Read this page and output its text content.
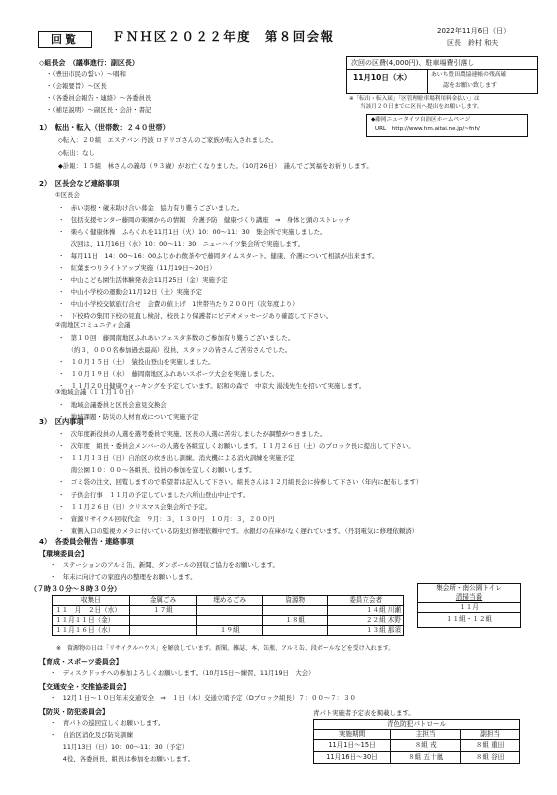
回覧	ＦＮＨ区２０２２年度　第８回会報	2022年11月6日（日）
区長　鈴村 和夫
次回の区費(4,000円)、駐車場費引落し
11月10日（木）	あいち豊田農協連帳の残高確
認をお願い致します
※「転出・転入届」「区管理駐車場利用料金払い」は
当該月２０日までに区長へ提出をお願いします。
◆藤岡ニュータイツ自治区ホームページ
URL　http://www.hm.aitai.ne.jp/~fnh/
◇組長会　（議事進行：副区長）
・（豊田市民の誓い）〜唱和
・（会報要旨）〜区長
・（各委員会報告・連絡）〜各委員長
・（補足説明）〜副区長・会計・書記
1）　転出・転入（世帯数：２４０世帯）
◇転入：２０組　エステバン 丹波 ロドリゴさんのご家族が転入されました。
◇転出：なし
◆訃報：１５組　林さんの義母（９３歳）がお亡くなりました。（10月26日）　謹んでご冥福をお祈りします。
2）　区長会など連絡事項
①区長会
・　赤い羽根・歳末助け合い募金　協力有り難うございました。
・　包括支援センター藤岡の楽園からの情報　介護予防　健康づくり講座　⇒　身体と頭のストレッチ
・　楽らく健康体操　ふらくれを11月1日（火）10：00〜11：30　集会所で実施しました。
　　次回は、11月16日（水）10：00〜11：30　ニューハイツ集会所で実施します。
・　毎月11日　14：00〜16：00ふじかわ飲茶やで藤岡タイムスタート。健康、介護について相談が出来ます。
・　紅葉まつりライトアップ実施（11月19日〜20日）
・　中山こども園生活体験発表会11月25日（金）実施予定
・　中山小学校の運動会11月12日（土）実施予定
・　中山小学校交歓旅行合せ　会費の値上げ　1世帯当たり２００円（次年度より）
・　下校時の集団下校の見直し検討、校長より保護者にビデオメッセージあり確認して下さい。
②南地区コミュニティ会議
・　第１０回　藤岡南地区ふれあいフェスタ多数のご参加有り難うございました。
　　（約３，０００名参加過去最高）役員、スタッフの皆さんご苦労さんでした。
・　１０月１５日（土）　猿投山登山を実施しました。
・　１０月１９日（水）　藤岡南地区ふれあいスポーツ大会を実施しました。
・　１１月２０日健康ウォーキングを予定しています。昭和の森で　中京大 湯浅先生を招いて実施します。
③地域会議（１１月１０日）
・　地域会議委員と区長会意見交換会
・　地域課題・防災の人材育成について実施予定
3）　区内事項
・　次年度新役員の人選を選考委員で実施、区長の人選に苦労しましたが調整がつきました。
・　次年度　組長・委員会メンバーの人選を各組宜しくお願いします。１１月２６日（土）のプロック長に提出して下さい。
・　１１月１３日（日）自治区の炊き出し訓練。消火機による消火訓練を実施予定
　　南公園１０：００〜各組長、役員の参加を宜しくお願いします。
・　ゴミ袋の注文、回覧しますので希望者は記入して下さい。組長さんは１２月組長会に持参して下さい（年内に配布します）
・　子供会行事　１１月の予定していました六所山登山中止です。
・　１１月２６日（日）クリスマス会集会所で予定。
・　資源リサイクル回収代金　９月：３，１３０円　１０月：３，２００円
・　東側入口の監視カメラに付いている防犯灯修理依頼中です。水銀灯の在庫がなく遅れています。（丹羽電気に修理依頼済）
4）　各委員会報告・連絡事項
【環境委員会】
・　ステーションのアルミ缶、新聞、ダンボールの回収ご協力をお願いします。
・　年末に向けての家庭内の整理をお願いします。
（７時３０分〜８時３０分）
収集日	金属ごみ	埋めるごみ	資源物	委員立会者
１１　月　２日（水）	１７組			１４組 川瀬
１１月１１日（金）			１８組	２２組 木野
１１月１６日（水）		１９組		１３組 那須
集会所・南公園トイレ
清掃当番
１１月
１１組・１２組
※　資源物の日は「リサイクルハウス」を解放しています。新聞、雑誌、本、缶瓶、アルミ缶、段ボールなどを受け入れます。
【育成・スポーツ委員会】
・　ディスクドッチへの参加よろしくお願いします。（10月15日〜練習、11月19日　大会）
【交通安全・交推協委員会】
・　12月１日〜１０日年末交通安全　⇒　１日（木）交通立哨予定（Dブロック組長）７：００〜７：３０
【防災・防犯委員会】
・　青パトの巡回宜しくお願いします。
・　自治区消化及び防災訓練
　　11月13日（日）10：00〜11：30（予定）
　　4役、各委員長、組長は参加をお願いします。
青パト実施者予定表を掲載します。
青色防犯パトロール		
実施期間	主担当	副担当
11月1日〜15日	８組 戎	８組 重田
11月16日〜30日	８組 五十嵐	８組 谷田
